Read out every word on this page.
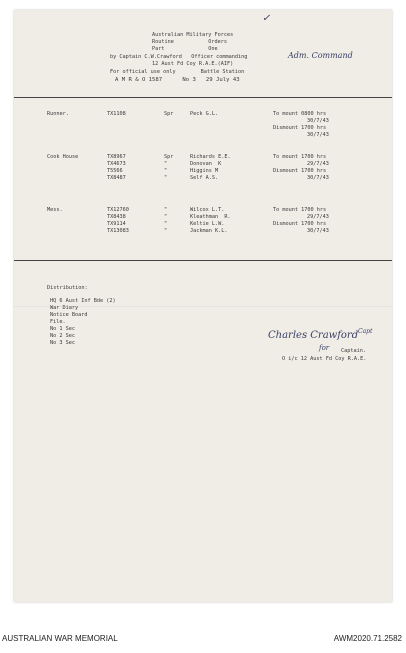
Australian Military Forces
Routine           Orders
Part              One
by Captain C.W.Crawford   Officer commanding	Adm. Command
12 Aust Fd Coy R.A.E.(AIF)
For official use only        Battle Station
A M R & O 1587      No 3   29 July 43
✓
Runner.	TX1108	Spr	Peck G.L.	To mount 0800 hrs
30/7/43
Dismount 1700 hrs
30/7/43
Cook House	TX8967	Spr	Richards E.E.	To mount 1700 hrs
TX4673	"	Donovan  K	29/7/43
T5566	"	Higgins M	Dismount 1700 hrs
TX8487	"	Self A.S.	30/7/43
Mess.	TX12760	"	Wilcox L.T.	To mount 1700 hrs
TX8438	"	Kleathman  R.	29/7/43
TX9114	"	Keltie L.W.	Dismount 1700 hrs
TX13083	"	Jackman K.L.	30/7/43
Distribution:
HQ 6 Aust Inf Bde (2)
War Diary
Notice Board
File.
No 1 Sec
No 2 Sec
No 3 Sec
Charles Crawford Capt
for Captain.
O i/c 12 Aust Fd Coy R.A.E.
AUSTRALIAN WAR MEMORIAL	AWM2020.71.2582
